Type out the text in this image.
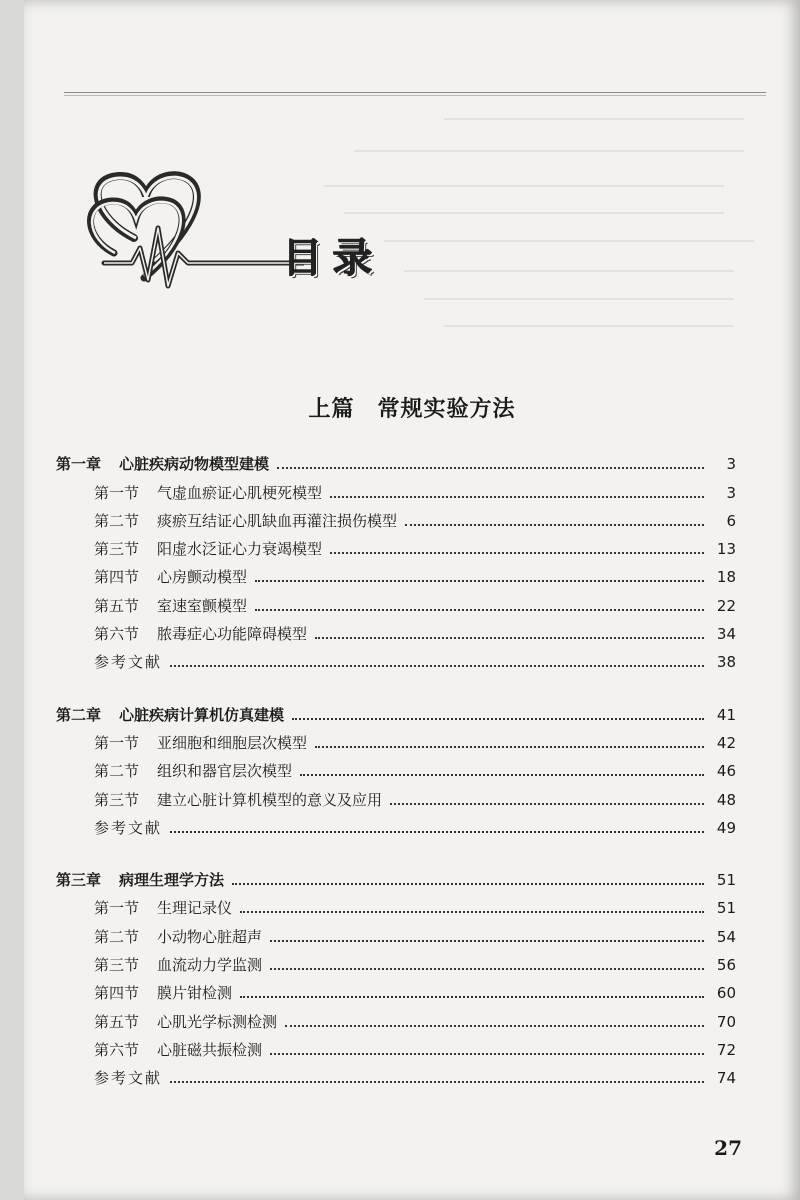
目录
上篇　常规实验方法
第一章 心脏疾病动物模型建模	3
第一节 气虚血瘀证心肌梗死模型	3
第二节 痰瘀互结证心肌缺血再灌注损伤模型	6
第三节 阳虚水泛证心力衰竭模型	13
第四节 心房颤动模型	18
第五节 室速室颤模型	22
第六节 脓毒症心功能障碍模型	34
参考文献	38
第二章 心脏疾病计算机仿真建模	41
第一节 亚细胞和细胞层次模型	42
第二节 组织和器官层次模型	46
第三节 建立心脏计算机模型的意义及应用	48
参考文献	49
第三章 病理生理学方法	51
第一节 生理记录仪	51
第二节 小动物心脏超声	54
第三节 血流动力学监测	56
第四节 膜片钳检测	60
第五节 心肌光学标测检测	70
第六节 心脏磁共振检测	72
参考文献	74
27
